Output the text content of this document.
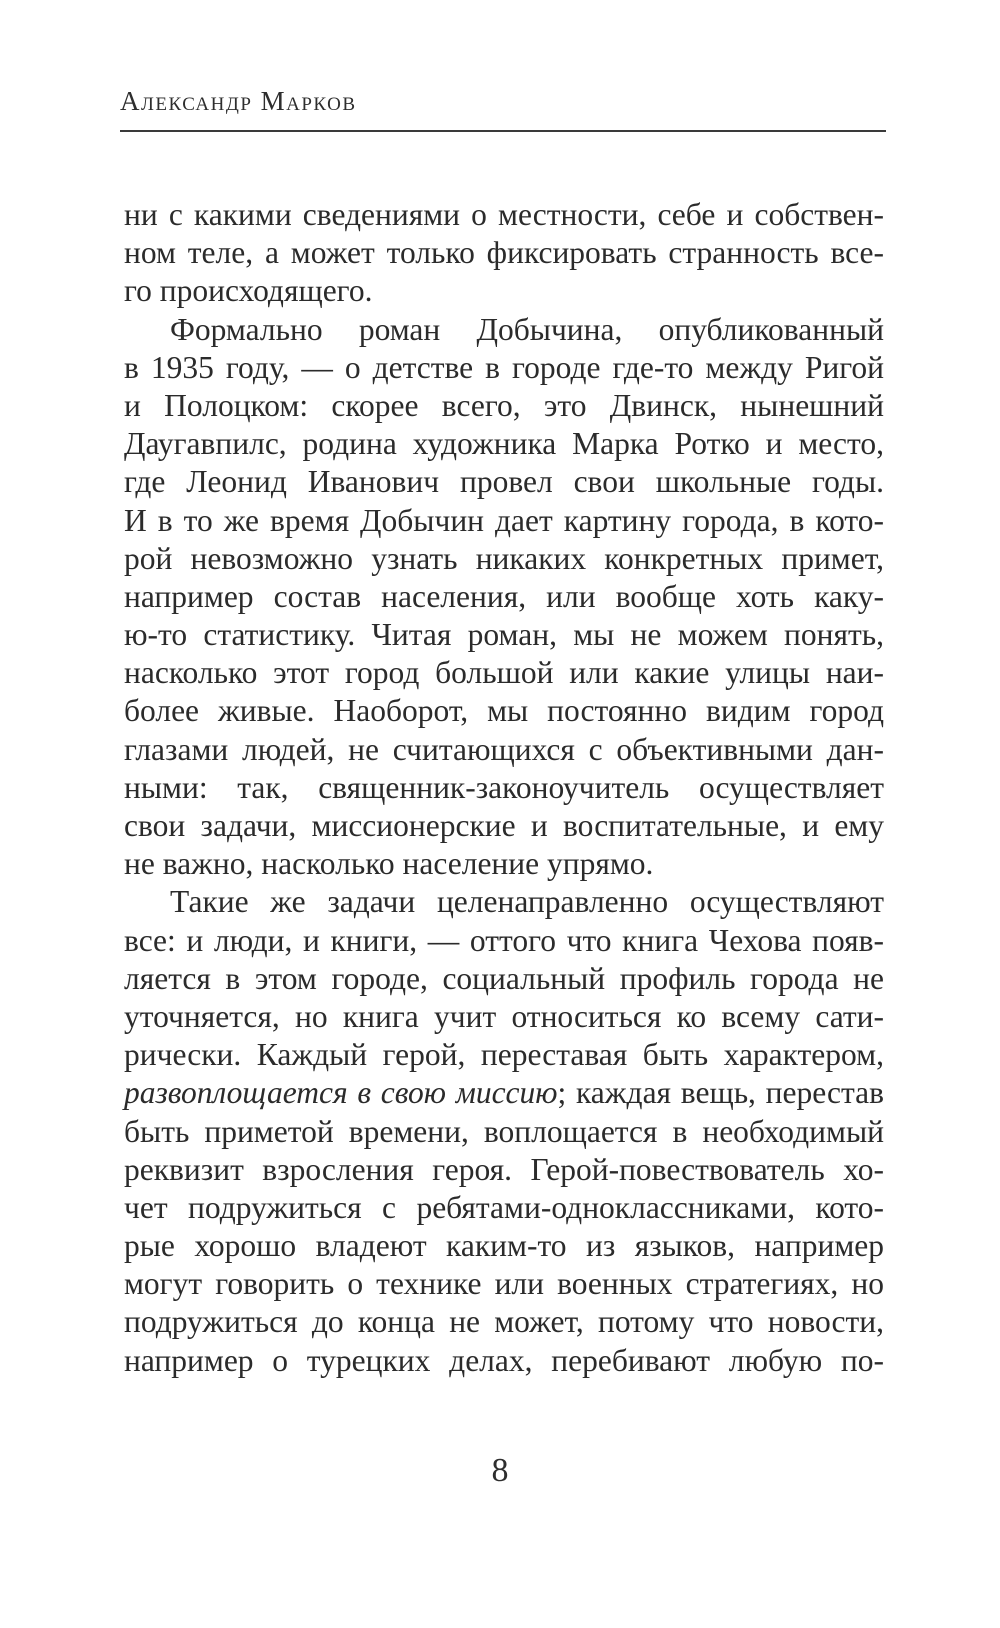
Александр Марков
ни с какими сведениями о местности, себе и собствен-
ном теле, а может только фиксировать странность все-
го происходящего.
Формально роман Добычина, опубликованный
в 1935 году, — о детстве в городе где-то между Ригой
и Полоцком: скорее всего, это Двинск, нынешний
Даугавпилс, родина художника Марка Ротко и место,
где Леонид Иванович провел свои школьные годы.
И в то же время Добычин дает картину города, в кото-
рой невозможно узнать никаких конкретных примет,
например состав населения, или вообще хоть каку-
ю-то статистику. Читая роман, мы не можем понять,
насколько этот город большой или какие улицы наи-
более живые. Наоборот, мы постоянно видим город
глазами людей, не считающихся с объективными дан-
ными: так, священник-законоучитель осуществляет
свои задачи, миссионерские и воспитательные, и ему
не важно, насколько население упрямо.
Такие же задачи целенаправленно осуществляют
все: и люди, и книги, — оттого что книга Чехова появ-
ляется в этом городе, социальный профиль города не
уточняется, но книга учит относиться ко всему сати-
рически. Каждый герой, переставая быть характером,
развоплощается в свою миссию; каждая вещь, перестав
быть приметой времени, воплощается в необходимый
реквизит взросления героя. Герой-повествователь хо-
чет подружиться с ребятами-одноклассниками, кото-
рые хорошо владеют каким-то из языков, например
могут говорить о технике или военных стратегиях, но
подружиться до конца не может, потому что новости,
например о турецких делах, перебивают любую по-
8
